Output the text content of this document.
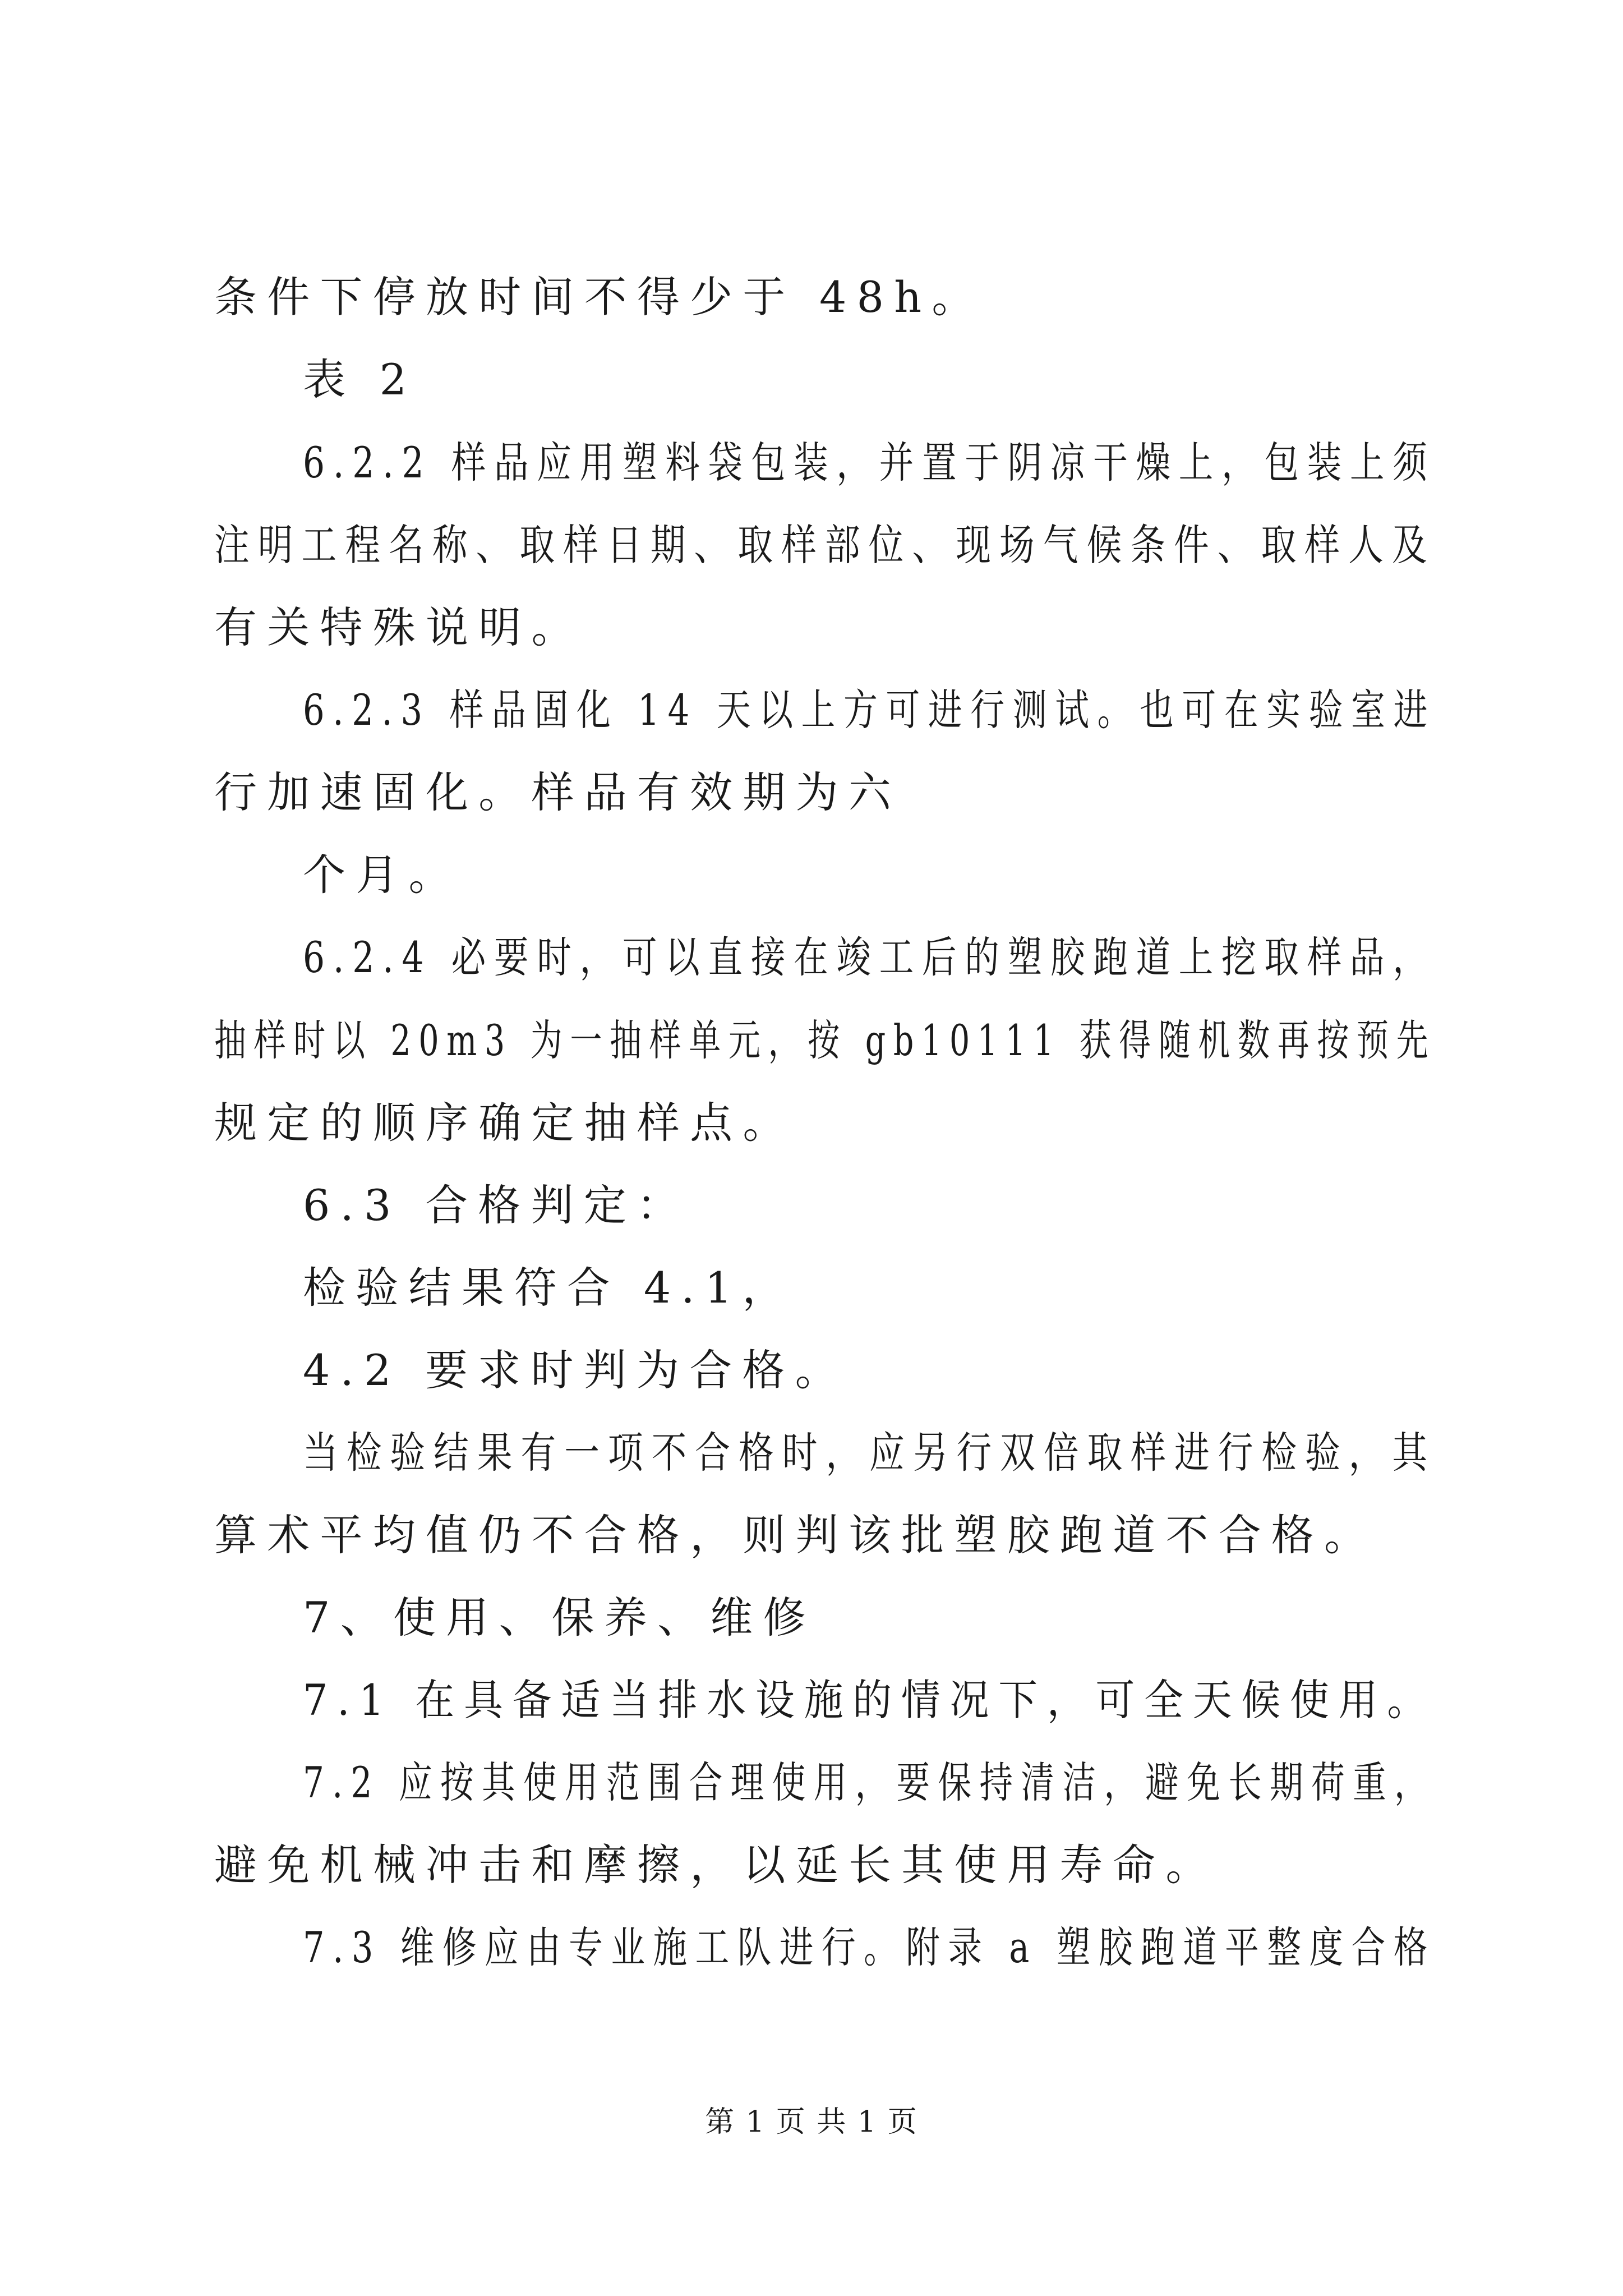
条件下停放时间不得少于 48h。
表 2
6.2.2 样品应用塑料袋包装，并置于阴凉干燥上，包装上须
注明工程名称、取样日期、取样部位、现场气候条件、取样人及
有关特殊说明。
6.2.3 样品固化 14 天以上方可进行测试。也可在实验室进
行加速固化。样品有效期为六
个月。
6.2.4 必要时，可以直接在竣工后的塑胶跑道上挖取样品，
抽样时以 20m3 为一抽样单元，按 gb10111 获得随机数再按预先
规定的顺序确定抽样点。
6.3 合格判定：
检验结果符合 4.1，
4.2 要求时判为合格。
当检验结果有一项不合格时，应另行双倍取样进行检验，其
算术平均值仍不合格，则判该批塑胶跑道不合格。
7、使用、保养、维修
7.1 在具备适当排水设施的情况下，可全天候使用。
7.2 应按其使用范围合理使用，要保持清洁，避免长期荷重，
避免机械冲击和摩擦，以延长其使用寿命。
7.3 维修应由专业施工队进行。附录 a 塑胶跑道平整度合格
第 1 页 共 1 页
